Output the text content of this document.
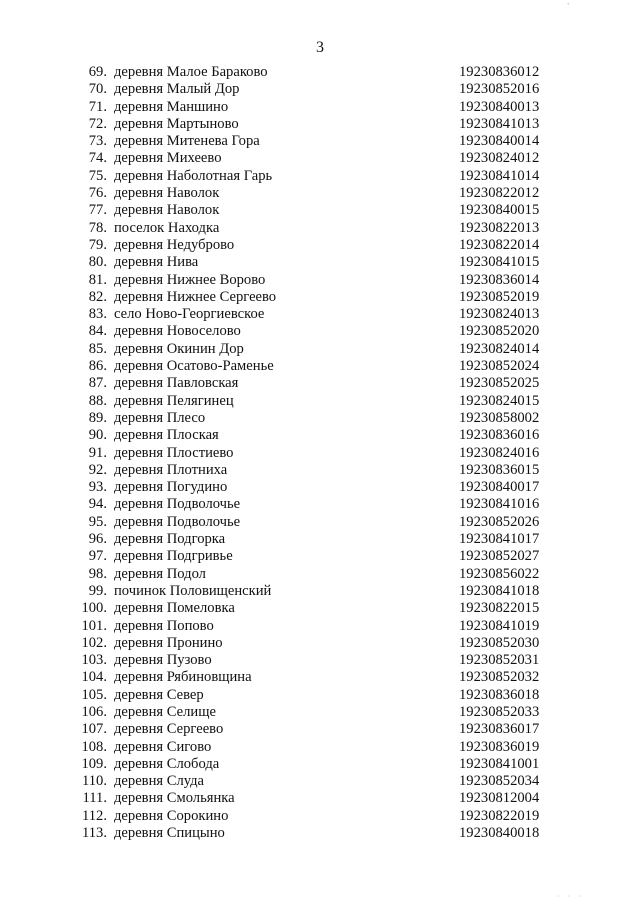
3
69. деревня Малое Бараково	19230836012
70. деревня Малый Дор	19230852016
71. деревня Маншино	19230840013
72. деревня Мартыново	19230841013
73. деревня Митенева Гора	19230840014
74. деревня Михеево	19230824012
75. деревня Наболотная Гарь	19230841014
76. деревня Наволок	19230822012
77. деревня Наволок	19230840015
78. поселок Находка	19230822013
79. деревня Недуброво	19230822014
80. деревня Нива	19230841015
81. деревня Нижнее Ворово	19230836014
82. деревня Нижнее Сергеево	19230852019
83. село Ново-Георгиевское	19230824013
84. деревня Новоселово	19230852020
85. деревня Окинин Дор	19230824014
86. деревня Осатово-Раменье	19230852024
87. деревня Павловская	19230852025
88. деревня Пелягинец	19230824015
89. деревня Плесо	19230858002
90. деревня Плоская	19230836016
91. деревня Плостиево	19230824016
92. деревня Плотниха	19230836015
93. деревня Погудино	19230840017
94. деревня Подволочье	19230841016
95. деревня Подволочье	19230852026
96. деревня Подгорка	19230841017
97. деревня Подгривье	19230852027
98. деревня Подол	19230856022
99. починок Половищенский	19230841018
100. деревня Помеловка	19230822015
101. деревня Попово	19230841019
102. деревня Пронино	19230852030
103. деревня Пузово	19230852031
104. деревня Рябиновщина	19230852032
105. деревня Север	19230836018
106. деревня Селище	19230852033
107. деревня Сергеево	19230836017
108. деревня Сигово	19230836019
109. деревня Слобода	19230841001
110. деревня Слуда	19230852034
111. деревня Смольянка	19230812004
112. деревня Сорокино	19230822019
113. деревня Спицыно	19230840018
· · ·
